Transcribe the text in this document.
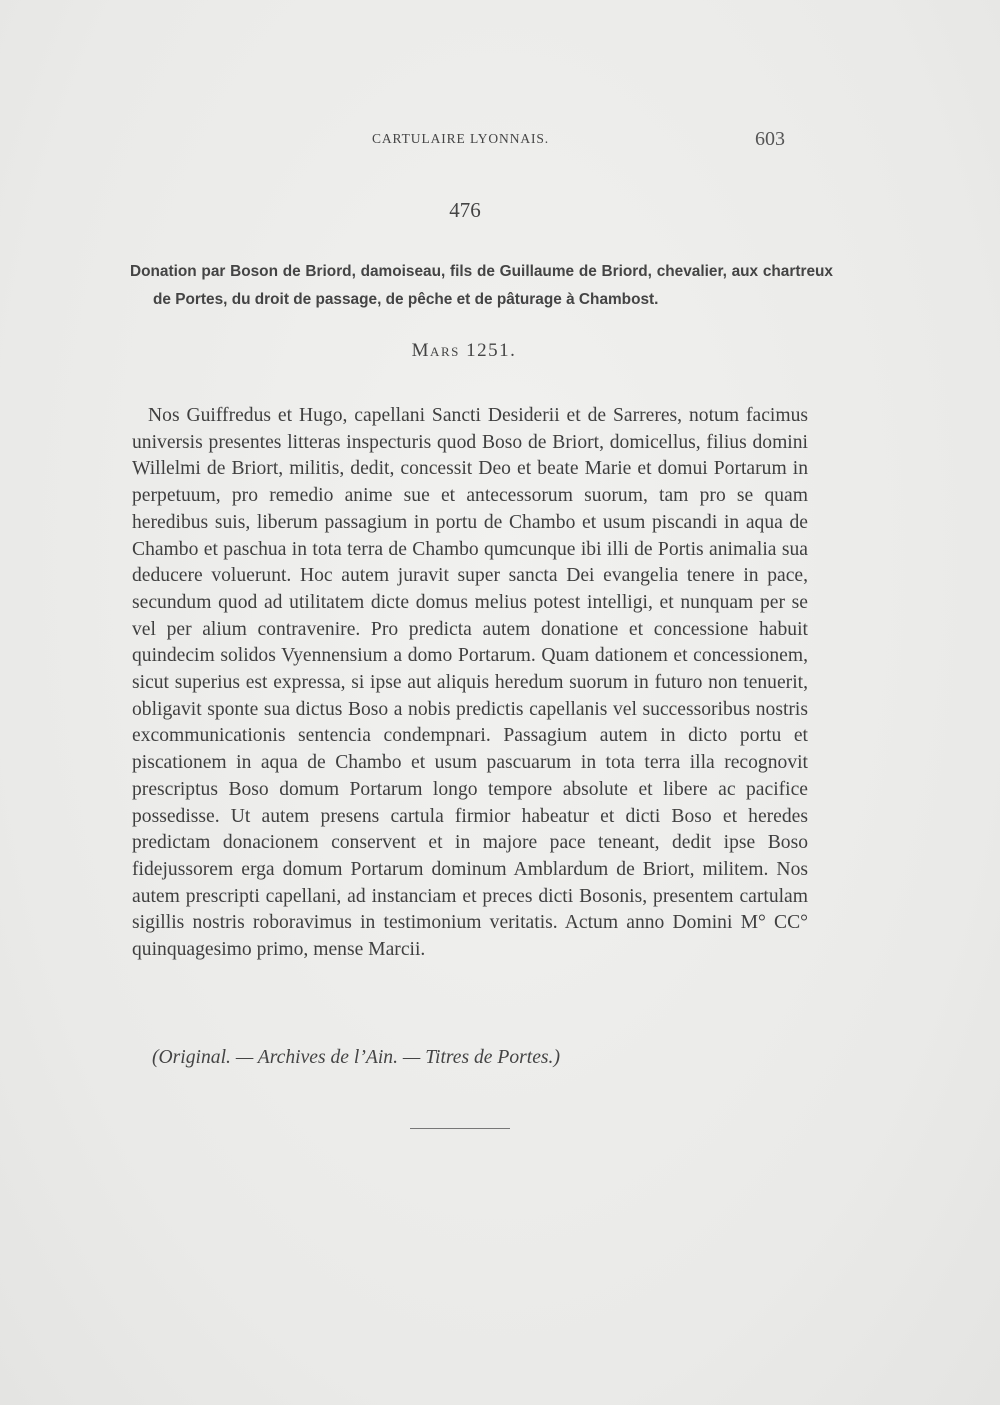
CARTULAIRE LYONNAIS.	603
476

Donation par Boson de Briord, damoiseau, fils de Guillaume de Briord, chevalier, aux chartreux de Portes, du droit de passage, de pêche et de pâturage à Chambost.

Mars 1251.

Nos Guiffredus et Hugo, capellani Sancti Desiderii et de Sarreres, notum facimus universis presentes litteras inspecturis quod Boso de Briort, domicellus, filius domini Willelmi de Briort, militis, dedit, concessit Deo et beate Marie et domui Portarum in perpetuum, pro remedio anime sue et antecessorum suorum, tam pro se quam heredibus suis, liberum passagium in portu de Chambo et usum piscandi in aqua de Chambo et paschua in tota terra de Chambo qumcunque ibi illi de Portis animalia sua deducere voluerunt. Hoc autem juravit super sancta Dei evangelia tenere in pace, secundum quod ad utilitatem dicte domus melius potest intelligi, et nunquam per se vel per alium contravenire. Pro predicta autem donatione et concessione habuit quindecim solidos Vyennensium a domo Portarum. Quam dationem et concessionem, sicut superius est expressa, si ipse aut aliquis heredum suorum in futuro non tenuerit, obligavit sponte sua dictus Boso a nobis predictis capellanis vel successoribus nostris excommunicationis sentencia condempnari. Passagium autem in dicto portu et piscationem in aqua de Chambo et usum pascuarum in tota terra illa recognovit prescriptus Boso domum Portarum longo tempore absolute et libere ac pacifice possedisse. Ut autem presens cartula firmior habeatur et dicti Boso et heredes predictam donacionem conservent et in majore pace teneant, dedit ipse Boso fidejussorem erga domum Portarum dominum Amblardum de Briort, militem. Nos autem prescripti capellani, ad instanciam et preces dicti Bosonis, presentem cartulam sigillis nostris roboravimus in testimonium veritatis. Actum anno Domini M° CC° quinquagesimo primo, mense Marcii.

(Original. — Archives de l’Ain. — Titres de Portes.)
